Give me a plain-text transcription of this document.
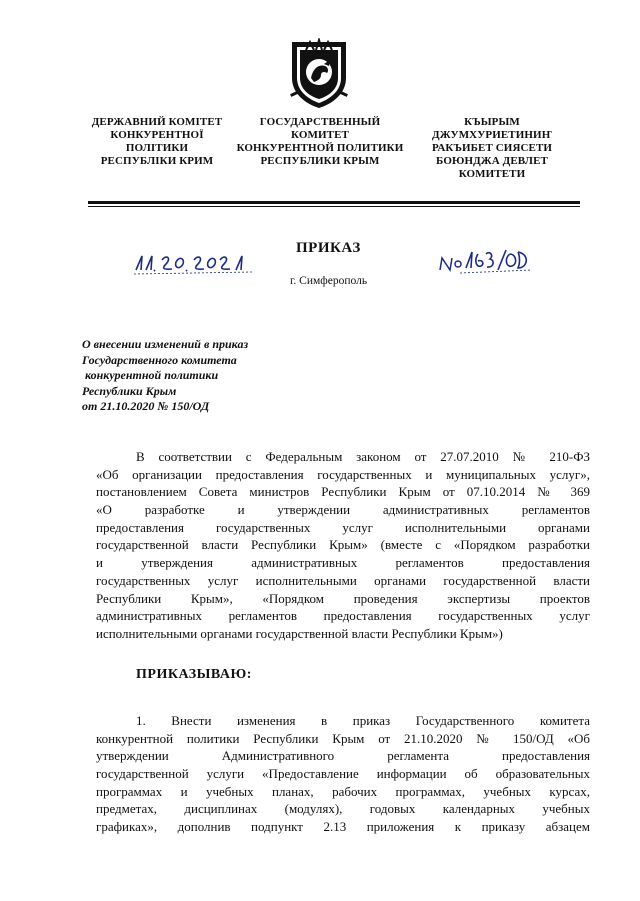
ДЕРЖАВНИЙ КОМІТЕТ
КОНКУРЕНТНОЇ
ПОЛІТИКИ
РЕСПУБЛІКИ КРИМ
ГОСУДАРСТВЕННЫЙ
КОМИТЕТ
КОНКУРЕНТНОЙ ПОЛИТИКИ
РЕСПУБЛИКИ КРЫМ
КЪЫРЫМ
ДЖУМХУРИЕТИНИҤ
РАКЪИБЕТ СИЯСЕТИ
БОЮНДЖА ДЕВЛЕТ
КОМИТЕТИ
ПРИКАЗ
г. Симферополь
О внесении изменений в приказ
Государственного комитета
конкурентной политики
Республики Крым
от 21.10.2020 № 150/ОД
В соответствии с Федеральным законом от 27.07.2010 № 210-ФЗ
«Об организации предоставления государственных и муниципальных услуг»,
постановлением Совета министров Республики Крым от 07.10.2014 № 369
«О разработке и утверждении административных регламентов
предоставления государственных услуг исполнительными органами
государственной власти Республики Крым» (вместе с «Порядком разработки
и утверждения административных регламентов предоставления
государственных услуг исполнительными органами государственной власти
Республики Крым», «Порядком проведения экспертизы проектов
административных регламентов предоставления государственных услуг
исполнительными органами государственной власти Республики Крым»)
ПРИКАЗЫВАЮ:
1. Внести изменения в приказ Государственного комитета
конкурентной политики Республики Крым от 21.10.2020 № 150/ОД «Об
утверждении Административного регламента предоставления
государственной услуги «Предоставление информации об образовательных
программах и учебных планах, рабочих программах, учебных курсах,
предметах, дисциплинах (модулях), годовых календарных учебных
графиках», дополнив подпункт 2.13 приложения к приказу абзацем
